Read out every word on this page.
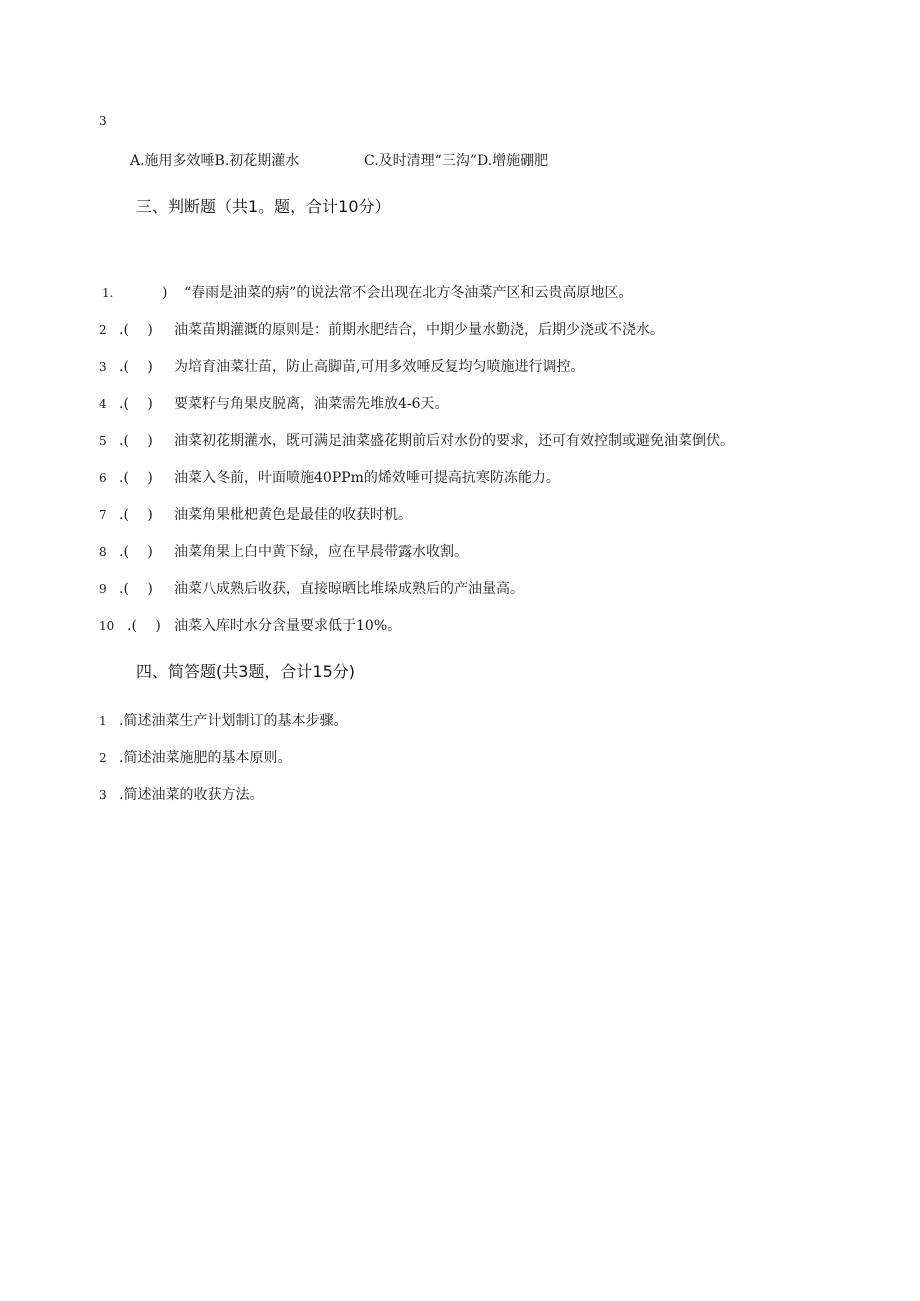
3
A.施用多效唾B.初花期灌水	C.及时清理“三沟”D.增施硼肥
三、判断题（共1。题，合计10分）
1.	) “春雨是油菜的病”的说法常不会出现在北方冬油菜产区和云贵高原地区。
2 .(　 ) 油菜苗期灌溉的原则是：前期水肥结合，中期少量水勤浇，后期少浇或不浇水。
3 .(　 ) 为培育油菜壮苗，防止高脚苗,可用多效唾反复均匀喷施进行调控。
4 .(　 ) 要菜籽与角果皮脱离，油菜需先堆放4-6天。
5 .(　 ) 油菜初花期灌水，既可满足油菜盛花期前后对水份的要求，还可有效控制或避免油菜倒伏。
6 .(　 ) 油菜入冬前，叶面喷施40PPm的烯效唾可提高抗寒防冻能力。
7 .(　 ) 油菜角果枇杷黄色是最佳的收获时机。
8 .(　 ) 油菜角果上白中黄下绿，应在早晨带露水收割。
9 .(　 ) 油菜八成熟后收获，直接晾晒比堆垛成熟后的产油量高。
10 .(　 ) 油菜入库时水分含量要求低于10%。
四、简答题(共3题，合计15分)
1 .简述油菜生产计划制订的基本步骤。
2 .简述油菜施肥的基本原则。
3 .简述油菜的收获方法。
